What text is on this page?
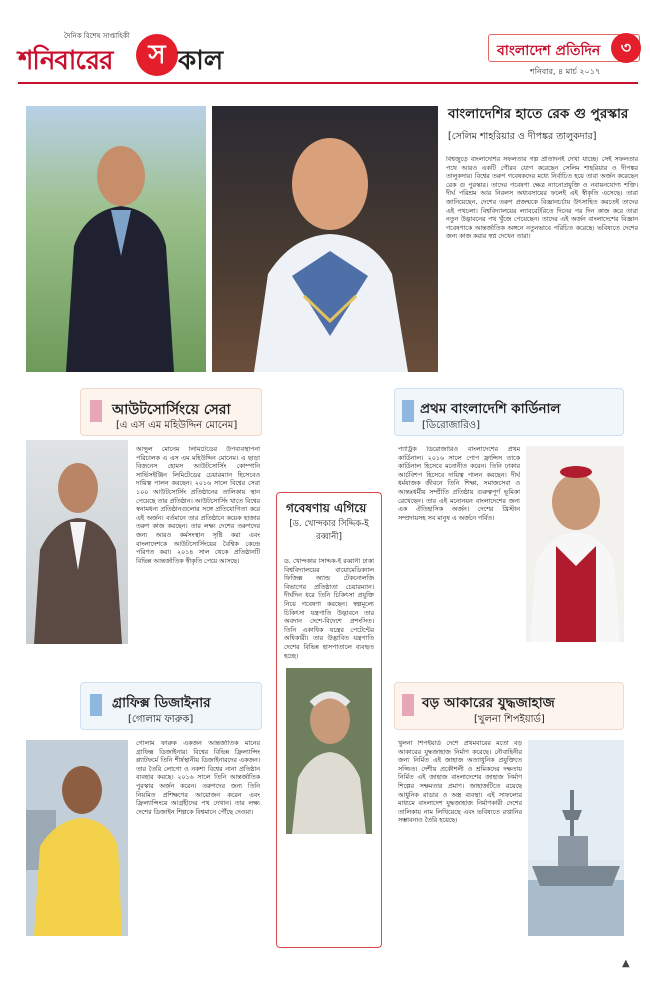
দৈনিক বিশেষ সাপ্তাহিকী
শনিবারের	স কাল	বাংলাদেশ প্রতিদিন	৩
শনিবার, ৪ মার্চ ২০১৭
বাংলাদেশির হাতে রেক গু পুরস্কার
[সেলিম শাহরিয়ার ও দীপঙ্কর তালুকদার]
বিশ্বজুড়ে বাংলাদেশির সফলতার গল্প প্রতিদিনই দেখা যাচ্ছে। সেই সফলতার পথে আরও একটি গৌরব যোগ করেছেন সেলিম শাহরিয়ার ও দীপঙ্কর তালুকদার। বিশ্বের তরুণ গবেষকদের মধ্যে নির্বাচিত হয়ে তারা অর্জন করেছেন রেক গু পুরস্কার। তাদের গবেষণা ক্ষেত্র ন্যানোপ্রযুক্তি ও নবায়নযোগ্য শক্তি। দীর্ঘ পরিশ্রম আর নিরলস অধ্যবসায়ের ফলেই এই স্বীকৃতি এসেছে। তারা জানিয়েছেন, দেশের তরুণ প্রজন্মকে বিজ্ঞানচর্চায় উৎসাহিত করতেই তাদের এই পথচলা। বিশ্ববিদ্যালয়ের ল্যাবরেটরিতে দিনের পর দিন কাজ করে তারা নতুন উদ্ভাবনের পথ খুঁজে পেয়েছেন। তাদের এই অর্জন বাংলাদেশের বিজ্ঞান গবেষণাকে আন্তর্জাতিক অঙ্গনে নতুনভাবে পরিচিত করেছে। ভবিষ্যতে দেশের জন্য কাজ করার স্বপ্ন দেখেন তারা।
আউটসোর্সিংয়ে সেরা
[এ এস এম মহিউদ্দিন মোনেম]
আব্দুল মোনেম লিমিটেডের উপব্যবস্থাপনা পরিচালক এ এস এম মহিউদ্দিন মোনেম। এ ছাড়া বিজনেস হোমস আউটসোর্সিং কোম্পানি সার্ভিসইঞ্জিন লিমিটেডের চেয়ারম্যান হিসেবেও দায়িত্ব পালন করছেন। ২০১৬ সালে বিশ্বের সেরা ১০০ আউটসোর্সিং প্রতিষ্ঠানের তালিকায় স্থান পেয়েছে তার প্রতিষ্ঠান। আউটসোর্সিং খাতে বিশ্বের স্বনামধন্য প্রতিষ্ঠানগুলোর সঙ্গে প্রতিযোগিতা করে এই অর্জন। বর্তমানে তার প্রতিষ্ঠানে কয়েক হাজার তরুণ কাজ করছেন। তার লক্ষ্য দেশের তরুণদের জন্য আরও কর্মসংস্থান সৃষ্টি করা এবং বাংলাদেশকে আউটসোর্সিংয়ের বৈশ্বিক কেন্দ্রে পরিণত করা। ২০১৪ সাল থেকে প্রতিষ্ঠানটি বিভিন্ন আন্তর্জাতিক স্বীকৃতি পেয়ে আসছে।
গবেষণায় এগিয়ে
[ড. খোন্দকার সিদ্দিক-ই রব্বানী]
ড. খোন্দকার সিদ্দিক-ই রব্বানী ঢাকা বিশ্ববিদ্যালয়ের বায়োমেডিক্যাল ফিজিক্স অ্যান্ড টেকনোলজি বিভাগের প্রতিষ্ঠাতা চেয়ারম্যান। দীর্ঘদিন ধরে তিনি চিকিৎসা প্রযুক্তি নিয়ে গবেষণা করছেন। স্বল্পমূল্যে চিকিৎসা যন্ত্রপাতি উদ্ভাবনে তার অবদান দেশে-বিদেশে প্রশংসিত। তিনি একাধিক যন্ত্রের পেটেন্টের অধিকারী। তার উদ্ভাবিত যন্ত্রপাতি দেশের বিভিন্ন হাসপাতালে ব্যবহৃত হচ্ছে।
প্রথম বাংলাদেশি কার্ডিনাল
[ডিরোজারিও]
প্যাট্রিক ডিরোজারিও বাংলাদেশের প্রথম কার্ডিনাল। ২০১৬ সালে পোপ ফ্রান্সিস তাকে কার্ডিনাল হিসেবে মনোনীত করেন। তিনি ঢাকার আর্চবিশপ হিসেবে দায়িত্ব পালন করছেন। দীর্ঘ ধর্মযাজক জীবনে তিনি শিক্ষা, সমাজসেবা ও আন্তঃধর্মীয় সম্প্রীতি প্রতিষ্ঠায় গুরুত্বপূর্ণ ভূমিকা রেখেছেন। তার এই মনোনয়ন বাংলাদেশের জন্য এক ঐতিহাসিক অর্জন। দেশের খ্রিস্টান সম্প্রদায়সহ সব মানুষ এ অর্জনে গর্বিত।
গ্রাফিক্স ডিজাইনার
[গোলাম ফারুক]
গোলাম ফারুক একজন আন্তর্জাতিক মানের গ্রাফিক্স ডিজাইনার। বিশ্বের বিভিন্ন ফ্রিল্যান্সিং প্ল্যাটফর্মে তিনি শীর্ষস্থানীয় ডিজাইনারদের একজন। তার তৈরি লোগো ও নকশা বিশ্বের নানা প্রতিষ্ঠান ব্যবহার করছে। ২০১৬ সালে তিনি আন্তর্জাতিক পুরস্কার অর্জন করেন। তরুণদের জন্য তিনি নিয়মিত প্রশিক্ষণের আয়োজন করেন এবং ফ্রিল্যান্সিংয়ে আগ্রহীদের পথ দেখান। তার লক্ষ্য দেশের ডিজাইন শিল্পকে বিশ্বমানে পৌঁছে দেওয়া।
বড় আকারের যুদ্ধজাহাজ
[খুলনা শিপইয়ার্ড]
খুলনা শিপইয়ার্ড দেশে প্রথমবারের মতো বড় আকারের যুদ্ধজাহাজ নির্মাণ করেছে। নৌবাহিনীর জন্য নির্মিত এই জাহাজ অত্যাধুনিক প্রযুক্তিতে সজ্জিত। দেশীয় প্রকৌশলী ও শ্রমিকদের দক্ষতায় নির্মিত এই জাহাজ বাংলাদেশের জাহাজ নির্মাণ শিল্পের সক্ষমতার প্রমাণ। জাহাজটিতে রয়েছে আধুনিক রাডার ও অস্ত্র ব্যবস্থা। এই সাফল্যের মাধ্যমে বাংলাদেশ যুদ্ধজাহাজ নির্মাণকারী দেশের তালিকায় নাম লিখিয়েছে এবং ভবিষ্যতে রপ্তানির সম্ভাবনাও তৈরি হয়েছে।
▲
